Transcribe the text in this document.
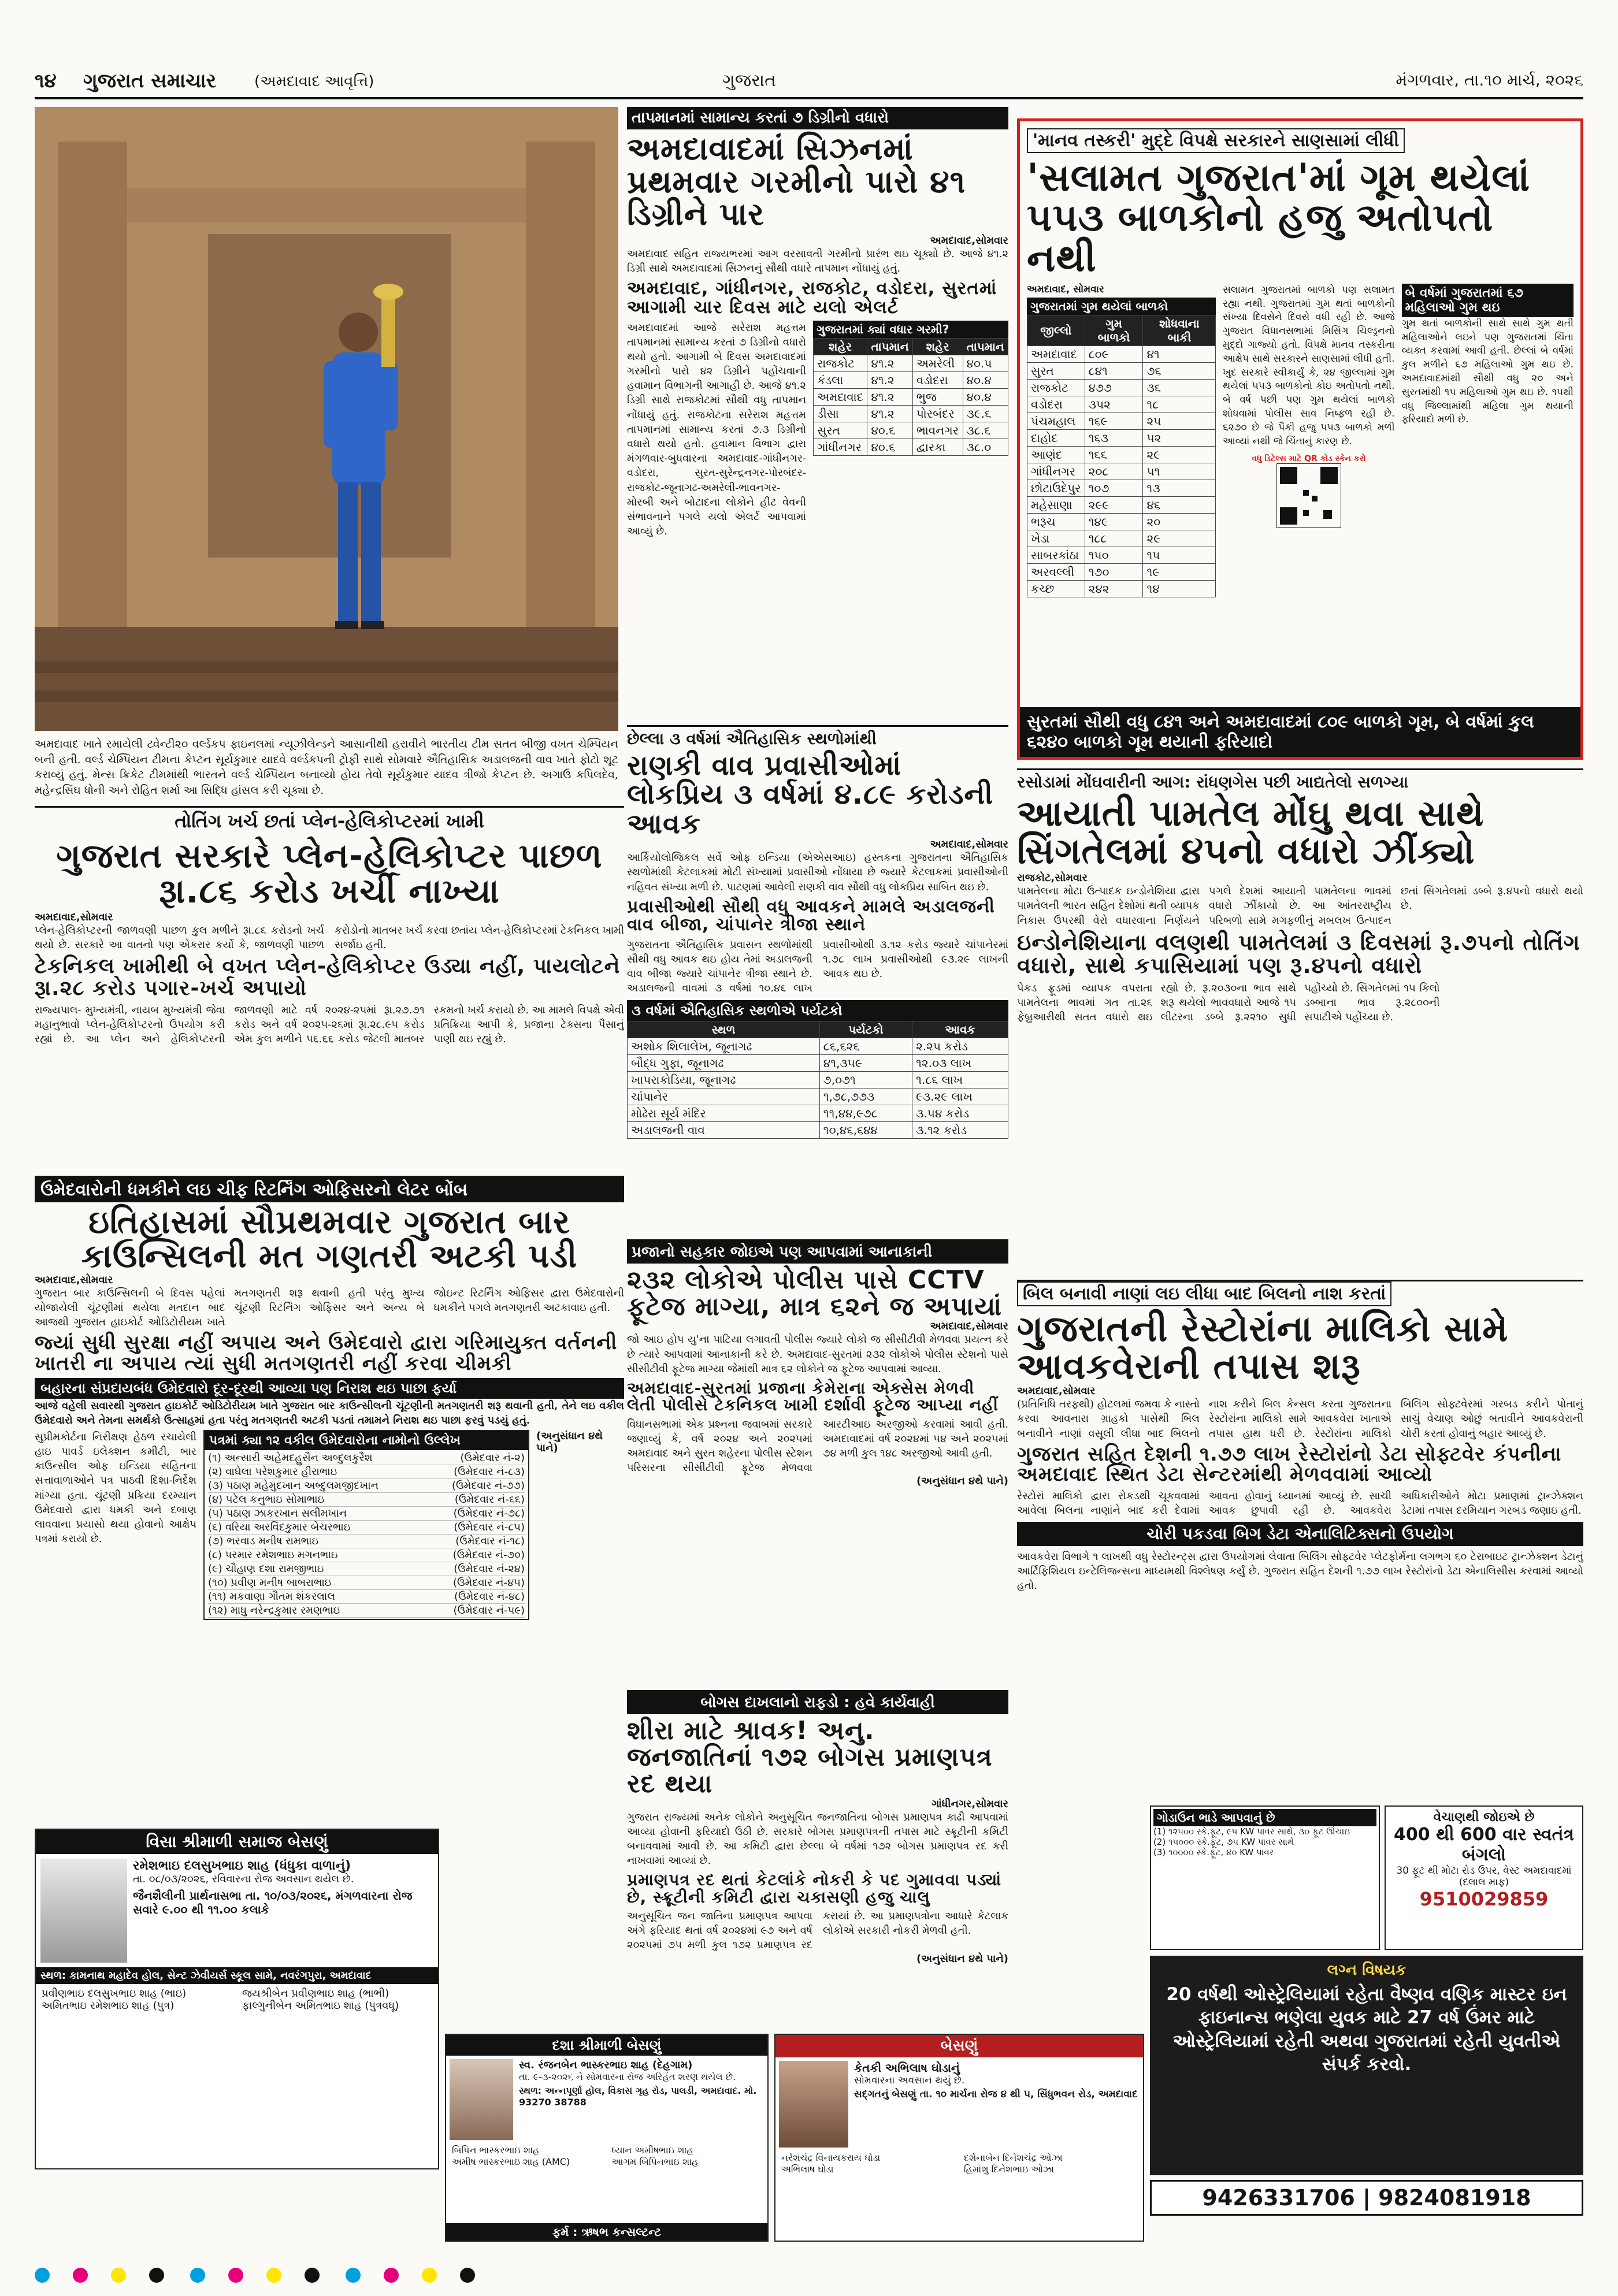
૧૪ ગુજરાત સમાચાર	(અમદાવાદ આવૃત્તિ)	ગુજરાત	મંગળવાર, તા.૧૦ માર્ચ, ૨૦૨૬
અમદાવાદ ખાતે રમાયેલી ટ્વેન્ટી૨૦ વર્લ્ડકપ ફાઇનલમાં ન્યૂઝીલેન્ડને આસાનીથી હરાવીને ભારતીય ટીમ સતત બીજી વખત ચેમ્પિયન બની હતી. વર્લ્ડ ચેમ્પિયન ટીમના કેપ્ટન સૂર્યકુમાર યાદવે વર્લ્ડકપની ટ્રોફી સાથે સોમવારે ઐતિહાસિક અડાલજની વાવ ખાતે ફોટો શૂટ કરાવ્યું હતું. મેન્સ ક્રિકેટ ટીમમાંથી ભારતને વર્લ્ડ ચેમ્પિયન બનાવ્યો હોય તેવો સૂર્યકુમાર યાદવ ત્રીજો કેપ્ટન છે. અગાઉ કપિલદેવ, મહેન્દ્રસિંઘ ધોની અને રોહિત શર્મા આ સિદ્ધિ હાંસલ કરી ચૂક્યા છે.
તાપમાનમાં સામાન્ય કરતાં ૭ ડિગ્રીનો વધારો
અમદાવાદમાં સિઝનમાં પ્રથમવાર ગરમીનો પારો ૪૧ ડિગ્રીને પાર
અમદાવાદ,સોમવાર
અમદાવાદ સહિત રાજ્યભરમાં આગ વરસાવતી ગરમીનો પ્રારંભ થઇ ચૂક્યો છે. આજે ૪૧.૨ ડિગ્રી સાથે અમદાવાદમાં સિઝનનું સૌથી વધારે તાપમાન નોંધાયું હતું.
અમદાવાદ, ગાંધીનગર, રાજકોટ, વડોદરા, સુરતમાં આગામી ચાર દિવસ માટે યલો એલર્ટ
અમદાવાદમાં આજે સરેરાશ મહત્તમ તાપમાનમાં સામાન્ય કરતાં ૭ ડિગ્રીનો વધારો થયો હતો. આગામી બે દિવસ અમદાવાદમાં ગરમીનો પારો ૪૨ ડિગ્રીને પહોંચવાની હવામાન વિભાગની આગાહી છે. આજે ૪૧.૨ ડિગ્રી સાથે રાજકોટમાં સૌથી વધુ તાપમાન નોંધાયું હતું. રાજકોટના સરેરાશ મહત્તમ તાપમાનમાં સામાન્ય કરતાં ૭.૩ ડિગ્રીનો વધારો થયો હતો. હવામાન વિભાગ દ્વારા મંગળવાર-બુધવારના અમદાવાદ-ગાંધીનગર-વડોદરા, સુરત-સુરેન્દ્રનગર-પોરબંદર-રાજકોટ-જૂનાગઢ-અમરેલી-ભાવનગર-મોરબી અને બોટાદના લોકોને હીટ વેવની સંભાવનાને પગલે યલો એલર્ટ આપવામાં આવ્યું છે.
ગુજરાતમાં ક્યાં વધાર ગરમી?
શહેર	તાપમાન	શહેર	તાપમાન
રાજકોટ	૪૧.૨	અમરેલી	૪૦.૫
કંડલા	૪૧.૨	વડોદરા	૪૦.૪
અમદાવાદ	૪૧.૨	ભુજ	૪૦.૪
ડીસા	૪૧.૨	પોરબંદર	૩૯.૬
સુરત	૪૦.૬	ભાવનગર	૩૮.૬
ગાંધીનગર	૪૦.૬	દ્વારકા	૩૮.૦
'માનવ તસ્કરી' મુદ્દે વિપક્ષે સરકારને સાણસામાં લીધી
'સલામત ગુજરાત'માં ગૂમ થયેલાં
૫૫૩ બાળકોનો હજુ અતોપતો નથી
અમદાવાદ, સોમવાર
ગુજરાતમાં ગુમ થયેલાં બાળકો
જીલ્લો	ગુમ બાળકો	શોધવાના બાકી
અમદાવાદ	૮૦૯	૪૧
સુરત	૮૪૧	૭૬
રાજકોટ	૪૭૭	૩૬
વડોદરા	૩૫૨	૧૮
પંચમહાલ	૧૬૯	૨૫
દાહોદ	૧૬૩	૫૨
આણંદ	૧૬૬	૨૯
ગાંધીનગર	૨૦૮	૫૧
છોટાઉદેપુર	૧૦૭	૧૩
મહેસાણા	૨૯૯	૪૬
ભરૂચ	૧૪૯	૨૦
ખેડા	૧૮૮	૨૯
સાબરકાંઠા	૧૫૦	૧૫
અરવલ્લી	૧૭૦	૧૯
કચ્છ	૨૪૨	૧૪
સલામત ગુજરાતમાં બાળકો પણ સલામત રહ્યા નથી. ગુજરાતમાં ગુમ થતાં બાળકોની સંખ્યા દિવસેને દિવસે વધી રહી છે. આજે ગુજરાત વિધાનસભામાં મિસિંગ ચિલ્ડ્રનનો મુદ્દો ગાજ્યો હતો. વિપક્ષે માનવ તસ્કરીના આક્ષેપ સાથે સરકારને સાણસામાં લીધી હતી. ખુદ સરકારે સ્વીકાર્યું કે, ૨૪ જીલ્લામાં ગુમ થયેલાં ૫૫૩ બાળકોનો કોઇ અતોપતો નથી. બે વર્ષ પછી પણ ગુમ થયેલાં બાળકો શોધવામાં પોલીસ સાવ નિષ્ફળ રહી છે. ૬૨૭૦ છે જે પૈકી હજુ ૫૫૩ બાળકો મળી આવ્યાં નથી જે ચિંતાનું કારણ છે.
વધુ ડિટેલ્સ માટે QR કોડ સ્કેન કરો
બે વર્ષમાં ગુજરાતમાં ૬૭ મહિલાઓ ગુમ થઇ
ગુમ થતાં બાળકોની સાથે સાથે ગુમ થતી મહિલાઓને લઇને પણ ગુજરાતમાં ચિંતા વ્યક્ત કરવામાં આવી હતી. છેલ્લાં બે વર્ષમાં કુલ મળીને ૬૭ મહિલાઓ ગુમ થઇ છે. અમદાવાદમાંથી સૌથી વધુ ૨૦ અને સુરતમાંથી ૧૫ મહિલાઓ ગુમ થઇ છે. ૧૫થી વધુ જિલ્લામાંથી મહિલા ગુમ થયાની ફરિયાદો મળી છે.
સુરતમાં સૌથી વધુ ૮૪૧ અને અમદાવાદમાં ૮૦૯ બાળકો ગૂમ, બે વર્ષમાં કુલ ૬૨૪૦ બાળકો ગૂમ થયાની ફરિયાદો
તોતિંગ ખર્ચ છતાં પ્લેન-હેલિકોપ્ટરમાં ખામી
ગુજરાત સરકારે પ્લેન-હેલિકોપ્ટર પાછળ રૂા.૮૬ કરોડ ખર્ચી નાખ્યા
અમદાવાદ,સોમવાર
પ્લેન-હેલિકોપ્ટરની જાળવણી પાછળ કુલ મળીને રૂા.૮૬ કરોડનો ખર્ચ થયો છે. સરકારે આ વાતનો પણ એકરાર કર્યો કે, જાળવણી પાછળ કરોડોનો માતબર ખર્ચ કરવા છતાંય પ્લેન-હેલિકોપ્ટરમાં ટેકનિકલ ખામી સર્જાઇ હતી.
ટેકનિકલ ખામીથી બે વખત પ્લેન-હેલિકોપ્ટર ઉડ્યા નહીં, પાયલોટને રૂા.૨૮ કરોડ પગાર-ખર્ચ અપાયો
રાજ્યપાલ- મુખ્યમંત્રી, નાયબ મુખ્યમંત્રી જેવા મહાનુભાવો પ્લેન-હેલિકોપ્ટરનો ઉપયોગ કરી રહ્યાં છે. આ પ્લેન અને હેલિકોપ્ટરની જાળવણી માટે વર્ષ ૨૦૨૪-૨૫માં રૂા.૨૭.૭૧ કરોડ અને વર્ષ ૨૦૨૫-૨૬માં રૂા.૨૮.૯૫ કરોડ એમ કુલ મળીને ૫૬.૬૬ કરોડ જેટલી માતબર રકમનો ખર્ચ કરાયો છે. આ મામલે વિપક્ષે એવી પ્રતિક્રિયા આપી કે, પ્રજાના ટેક્સના પૈસાનું પાણી થઇ રહ્યું છે.
છેલ્લા ૩ વર્ષમાં ઐતિહાસિક સ્થળોમાંથી
રાણકી વાવ પ્રવાસીઓમાં લોકપ્રિય ૩ વર્ષમાં ૪.૮૯ કરોડની આવક
અમદાવાદ,સોમવાર
આર્કિયોલોજિકલ સર્વે ઓફ ઇન્ડિયા (એએસઆઇ) હસ્તકના ગુજરાતના ઐતિહાસિક સ્થળોમાંથી કેટલાકમાં મોટી સંખ્યામાં પ્રવાસીઓ નોંધાયા છે જ્યારે કેટલાકમાં પ્રવાસીઓની નહિવત સંખ્યા મળી છે. પાટણમાં આવેલી રાણકી વાવ સૌથી વધુ લોકપ્રિય સાબિત થઇ છે.
પ્રવાસીઓથી સૌથી વધુ આવકને મામલે અડાલજની વાવ બીજા, ચાંપાનેર ત્રીજા સ્થાને
ગુજરાતના ઐતિહાસિક પ્રવાસન સ્થળોમાંથી સૌથી વધુ આવક થઇ હોય તેમાં અડાલજની વાવ બીજા જ્યારે ચાંપાનેર ત્રીજા સ્થાને છે. અડાલજની વાવમાં ૩ વર્ષમાં ૧૦.૪૬ લાખ પ્રવાસીઓથી ૩.૧૨ કરોડ જ્યારે ચાંપાનેરમાં ૧.૭૮ લાખ પ્રવાસીઓથી ૯૩.૨૯ લાખની આવક થઇ છે.
૩ વર્ષમાં ઐતિહાસિક સ્થળોએ પર્યટકો
સ્થળ	પર્યટકો	આવક
અશોક શિલાલેખ, જૂનાગઢ	૮૬,૬૨૬	૨.૨૫ કરોડ
બૌદ્ધ ગુફા, જૂનાગઢ	૪૧,૩૫૯	૧૨.૦૩ લાખ
ખાપરાકોડિયા, જૂનાગઢ	૭,૦૭૧	૧.૮૬ લાખ
ચાંપાનેર	૧,૭૮,૭૭૩	૯૩.૨૯ લાખ
મોઢેરા સૂર્ય મંદિર	૧૧,૪૪,૯૭૮	૩.૫૪ કરોડ
અડાલજની વાવ	૧૦,૪૬,૬૪૪	૩.૧૨ કરોડ
ઉમેદવારોની ધમકીને લઇ ચીફ રિટર્નિંગ ઓફિસરનો લેટર બોંબ
ઇતિહાસમાં સૌપ્રથમવાર ગુજરાત બાર કાઉન્સિલની મત ગણતરી અટકી પડી
અમદાવાદ,સોમવાર
ગુજરાત બાર કાઉન્સિલની બે દિવસ પહેલાં યોજાયેલી ચૂંટણીમાં થયેલા મતદાન બાદ આજથી ગુજરાત હાઇકોર્ટ ઓડિટોરીયમ ખાતે મતગણતરી શરૂ થવાની હતી પરંતુ મુખ્ય ચૂંટણી રિટર્નિંગ ઓફિસર અને અન્ય બે જોઇન્ટ રિટર્નિંગ ઓફિસર દ્વારા ઉમેદવારોની ધમકીને પગલે મતગણતરી અટકાવાઇ હતી.
જ્યાં સુધી સુરક્ષા નહીં અપાય અને ઉમેદવારો દ્વારા ગરિમાયુક્ત વર્તનની ખાતરી ના અપાય ત્યાં સુધી મતગણતરી નહીં કરવા ચીમકી
બહારના સંપ્રદાયબંધ ઉમેદવારો દૂર-દૂરથી આવ્યા પણ નિરાશ થઇ પાછા ફર્યા
આજે વહેલી સવારથી ગુજરાત હાઇકોર્ટ ઓડિટોરીયમ ખાતે ગુજરાત બાર કાઉન્સીલની ચૂંટણીની મતગણતરી શરૂ થવાની હતી, તેને લઇ વકીલ ઉમેદવારો અને તેમના સમર્થકો ઉત્સાહમાં હતા પરંતુ મતગણતરી અટકી પડતાં તમામને નિરાશ થઇ પાછા ફરવું પડયું હતું.
સુપ્રીમકોર્ટના નિરીક્ષણ હેઠળ રચાયેલી હાઇ પાવર્ડ ઇલેક્શન કમીટી, બાર કાઉન્સીલ ઓફ ઇન્ડિયા સહિતના સત્તાવાળાઓને પત્ર પાઠવી દિશા-નિર્દેશ માંગ્યા હતા. ચૂંટણી પ્રક્રિયા દરમ્યાન ઉમેદવારો દ્વારા ધમકી અને દબાણ લાવવાના પ્રયાસો થયા હોવાનો આક્ષેપ પત્રમાં કરાયો છે.
પત્રમાં ક્યા ૧૨ વકીલ ઉમેદવારોના નામોનો ઉલ્લેખ
(૧) અન્સારી અહેમદહુસૈન અબ્દુલકુરૈશ	(ઉમેદવાર નં-૨)
(૨) વાઘેલા પરેશકુમાર હીરાભાઇ	(ઉમેદવાર નં-૮૩)
(૩) પઠાણ મહેમુદખાન અબ્દુલમજીદખાન	(ઉમેદવાર નં-૭૭)
(૪) પટેલ કનુભાઇ સોમાભાઇ	(ઉમેદવાર નં-૬૬)
(૫) પઠાણ ઝાકરખાન સલીમખાન	(ઉમેદવાર નં-૭૮)
(૬) વરિયા અરવિંદકુમાર બેચરભાઇ	(ઉમેદવાર નં-૮૫)
(૭) ભરવાડ મનીષ રામભાઇ	(ઉમેદવાર નં-૧૮)
(૮) પરમાર રમેશભાઇ મગનભાઇ	(ઉમેદવાર નં-૭૦)
(૯) ચૌહાણ દશા રામજીભાઇ	(ઉમેદવાર નં-૨૪)
(૧૦) પ્રવીણ મનીષ બાબરાભાઇ	(ઉમેદવાર નં-૪૫)
(૧૧) મકવાણા ગૌતમ શંકરલાલ	(ઉમેદવાર નં-૪૮)
(૧૨) માધુ નરેન્દ્રકુમાર રમણભાઇ	(ઉમેદવાર નં-૫૯)
(અનુસંધાન ૪થે પાને)
પ્રજાનો સહકાર જોઇએ પણ આપવામાં આનાકાની
૨૩૨ લોકોએ પોલીસ પાસે CCTV ફૂટેજ માગ્યા, માત્ર ૬૨ને જ અપાયાં
અમદાવાદ,સોમવાર
જો આઇ હોપ યુ'ના પાટિયા લગાવતી પોલીસ જ્યારે લોકો જ સીસીટીવી મેળવવા પ્રયત્ન કરે છે ત્યારે આપવામાં આનાકાની કરે છે. અમદાવાદ-સુરતમાં ૨૩૨ લોકોએ પોલીસ સ્ટેશનો પાસે સીસીટીવી ફૂટેજ માગ્યા જેમાંથી માત્ર ૬૨ લોકોને જ ફૂટેજ આપવામાં આવ્યા.
અમદાવાદ-સુરતમાં પ્રજાના કેમેરાના એક્સેસ મેળવી લેતી પોલીસે ટેકનિકલ ખામી દર્શાવી ફૂટેજ આપ્યા નહીં
વિધાનસભામાં એક પ્રશ્નના જવાબમાં સરકારે જણાવ્યું કે, વર્ષ ૨૦૨૪ અને ૨૦૨૫માં અમદાવાદ અને સુરત શહેરના પોલીસ સ્ટેશન પરિસરના સીસીટીવી ફૂટેજ મેળવવા આરટીઆઇ અરજીઓ કરવામાં આવી હતી. અમદાવાદમાં વર્ષ ૨૦૨૪માં ૫૪ અને ૨૦૨૫માં ૭૪ મળી કુલ ૧૪૮ અરજીઓ આવી હતી.
(અનુસંધાન ૪થે પાને)
બોગસ દાખલાનો રાફડો : હવે કાર્યવાહી
શીરા માટે શ્રાવક! અનુ. જનજાતિનાં ૧૭૨ બોગસ પ્રમાણપત્ર રદ થયા
ગાંધીનગર,સોમવાર
ગુજરાત રાજ્યમાં અનેક લોકોને અનુસૂચિત જનજાતિના બોગસ પ્રમાણપત્ર કાઢી આપવામાં આવ્યા હોવાની ફરિયાદો ઉઠી છે. સરકારે બોગસ પ્રમાણપત્રની તપાસ માટે સ્ક્રૂટીની કમિટી બનાવવામાં આવી છે. આ કમિટી દ્વારા છેલ્લા બે વર્ષમાં ૧૭૨ બોગસ પ્રમાણપત્ર રદ કરી નાખવામાં આવ્યાં છે.
પ્રમાણપત્ર રદ થતાં કેટલાંકે નોકરી કે પદ ગુમાવવા પડ્યાં છે, સ્ક્રૂટીની કમિટી દ્વારા ચકાસણી હજુ ચાલુ
અનુસૂચિત જન જાતિના પ્રમાણપત્ર આપવા અંગે ફરિયાદ થતાં વર્ષ ૨૦૨૪માં ૯૭ અને વર્ષ ૨૦૨૫માં ૭૫ મળી કુલ ૧૭૨ પ્રમાણપત્ર રદ કરાયાં છે. આ પ્રમાણપત્રોના આધારે કેટલાક લોકોએ સરકારી નોકરી મેળવી હતી.
(અનુસંધાન ૪થે પાને)
રસોડામાં મોંઘવારીની આગ: રાંધણગેસ પછી ખાદ્યતેલો સળગ્યા
આયાતી પામતેલ મોંઘુ થવા સાથે સિંગતેલમાં ૪૫નો વધારો ઝીંક્યો
રાજકોટ,સોમવાર
પામતેલના મોટા ઉત્પાદક ઇન્ડોનેશિયા દ્વારા પામતેલની ભારત સહિત દેશોમાં થતી વ્યાપક નિકાસ ઉપરથી વેરો વધારવાના નિર્ણયને પગલે દેશમાં આયાતી પામતેલના ભાવમાં વધારો ઝીંકાયો છે. આ આંતરરાષ્ટ્રીય પરિબળો સામે મગફળીનું મબલખ ઉત્પાદન છતાં સિંગતેલમાં ડબ્બે રૂ.૪૫નો વધારો થયો છે.
ઇન્ડોનેશિયાના વલણથી પામતેલમાં ૩ દિવસમાં રૂ.૭૫નો તોતિંગ વધારો, સાથે કપાસિયામાં પણ રૂ.૪૫નો વધારો
પેકડ ફ્રૂડમાં વ્યાપક વપરાતા પામતેલના ભાવમાં ગત તા.૨૬ ફેબ્રુઆરીથી સતત વધારો થઇ રહ્યો છે. રૂ.૨૦૩૦ના ભાવ સાથે શરૂ થયેલો ભાવવધારો આજે ૧૫ લીટરના ડબ્બે રૂ.૨૨૧૦ સુધી પહોંચ્યો છે. સિંગતેલમાં ૧૫ કિલો ડબ્બાના ભાવ રૂ.૨૮૦૦ની સપાટીએ પહોંચ્યા છે.
બિલ બનાવી નાણાં લઇ લીધા બાદ બિલનો નાશ કરતાં
ગુજરાતની રેસ્ટોરાંના માલિકો સામે આવકવેરાની તપાસ શરૂ
અમદાવાદ,સોમવાર
(પ્રતિનિધિ તરફથી) હોટલમાં જમવા કે નાસ્તો કરવા આવનારા ગ્રાહકો પાસેથી બિલ બનાવીને નાણાં વસૂલી લીધા બાદ બિલનો નાશ કરીને બિલ કેન્સલ કરતા ગુજરાતના રેસ્ટોરાંના માલિકો સામે આવકવેરા ખાતાએ તપાસ હાથ ધરી છે. રેસ્ટોરાંના માલિકો બિલિંગ સોફ્ટવેરમાં ગરબડ કરીને પોતાનું સાચું વેચાણ ઓછું બતાવીને આવકવેરાની ચોરી કરતાં હોવાનું બહાર આવ્યું છે.
ગુજરાત સહિત દેશની ૧.૭૭ લાખ રેસ્ટોરાંનો ડેટા સોફ્ટવેર કંપનીના અમદાવાદ સ્થિત ડેટા સેન્ટરમાંથી મેળવવામાં આવ્યો
રેસ્ટોરાં માલિકો દ્વારા રોકડથી ચૂકવવામાં આવેલા બિલના નાણાંને બાદ કરી દેવામાં આવતા હોવાનું ધ્યાનમાં આવ્યું છે. સાચી આવક છુપાવી રહી છે. આવકવેરા અધિકારીઓને મોટા પ્રમાણમાં ટ્રાન્ઝેક્શન ડેટામાં તપાસ દરમિયાન ગરબડ જણાઇ હતી.
ચોરી પકડવા બિગ ડેટા એનાલિટિક્સનો ઉપયોગ
આવકવેરા વિભાગે ૧ લાખથી વધુ રેસ્ટોરન્ટ્સ દ્વારા ઉપયોગમાં લેવાતા બિલિંગ સોફ્ટવેર પ્લેટફોર્મના લગભગ ૬૦ ટેરાબાઇટ ટ્રાન્ઝેક્શન ડેટાનું આર્ટિફિશિયલ ઇન્ટેલિજન્સના માધ્યમથી વિશ્લેષણ કર્યું છે. ગુજરાત સહિત દેશની ૧.૭૭ લાખ રેસ્ટોરાંનો ડેટા એનાલિસીસ કરવામાં આવ્યો હતો.
વિસા શ્રીમાળી સમાજ બેસણું
રમેશભાઇ દલસુખભાઇ શાહ (ધંધુકા વાળાનું)
તા. ૦૮/૦૩/૨૦૨૬, રવિવારના રોજ અવસાન થયેલ છે.
જૈનશૈલીની પ્રાર્થનાસભા તા. ૧૦/૦૩/૨૦૨૬, મંગળવારના રોજ સવારે ૯.૦૦ થી ૧૧.૦૦ કલાકે
સ્થળ: કામનાથ મહાદેવ હોલ, સેન્ટ ઝેવીયર્સ સ્કૂલ સામે, નવરંગપુરા, અમદાવાદ
પ્રવીણભાઇ દલસુખભાઇ શાહ (ભાઇ)
અમિતભાઇ રમેશભાઇ શાહ (પુત્ર)
જયશ્રીબેન પ્રવીણભાઇ શાહ (ભાભી)
ફાલ્ગુનીબેન અમિતભાઇ શાહ (પુત્રવધૂ)
દશા શ્રીમાળી બેસણું
સ્વ. રંજનબેન ભાસ્કરભાઇ શાહ (દેહગામ)
તા. ૯-૩-૨૦૨૬ ને સોમવારના રોજ અરિહંત શરણ થયેલ છે.
સ્થળ: અન્નપૂર્ણા હોલ, વિકાસ ગૃહ રોડ, પાલડી, અમદાવાદ. મો. 93270 38788
બિપિન ભાસ્કરભાઇ શાહ
અમીષ ભાસ્કરભાઇ શાહ (AMC)
ધ્યાન અમીષભાઇ શાહ
આગમ બિપિનભાઇ શાહ
ફર્મ : ઋષભ કન્સલ્ટન્ટ
બેસણું
કેતકી અભિલાષ ઘોડાનું
સોમવારના અવસાન થયું છે.
સદ્ગતનું બેસણું તા. ૧૦ માર્ચના રોજ ૪ થી ૫, સિંધુભવન રોડ, અમદાવાદ
નરેશચંદ્ર વિનાયકરાય ઘોડા
અભિલાષ ઘોડા
દર્શનાબેન દિનેશચંદ્ર ઓઝા
હિમાંશુ દિનેશભાઇ ઓઝા
ગોડાઉન ભાડે આપવાનું છે
(1) ૧૨૫૦૦ સ્કે.ફૂટ, ૯૫ KW પાવર સાથે, ૩૦ ફૂટ ઊંચાઇ
(2) ૧૫૦૦૦ સ્કે.ફૂટ, ૭૫ KW પાવર સાથે
(3) ૧૦૦૦૦ સ્કે.ફૂટ, ૪૦ KW પાવર
વેચાણથી જોઇએ છે
400 થી 600 વાર સ્વતંત્ર બંગલો
30 ફૂટ થી મોટા રોડ ઉપર, વેસ્ટ અમદાવાદમાં (દલાલ માફ)
9510029859
લગ્ન વિષયક
20 વર્ષથી ઓસ્ટ્રેલિયામાં રહેતા વૈષ્ણવ વણિક માસ્ટર ઇન ફાઇનાન્સ ભણેલા યુવક માટે 27 વર્ષ ઉંમર માટે ઓસ્ટ્રેલિયામાં રહેતી અથવા ગુજરાતમાં રહેતી યુવતીએ સંપર્ક કરવો.
9426331706 | 9824081918
